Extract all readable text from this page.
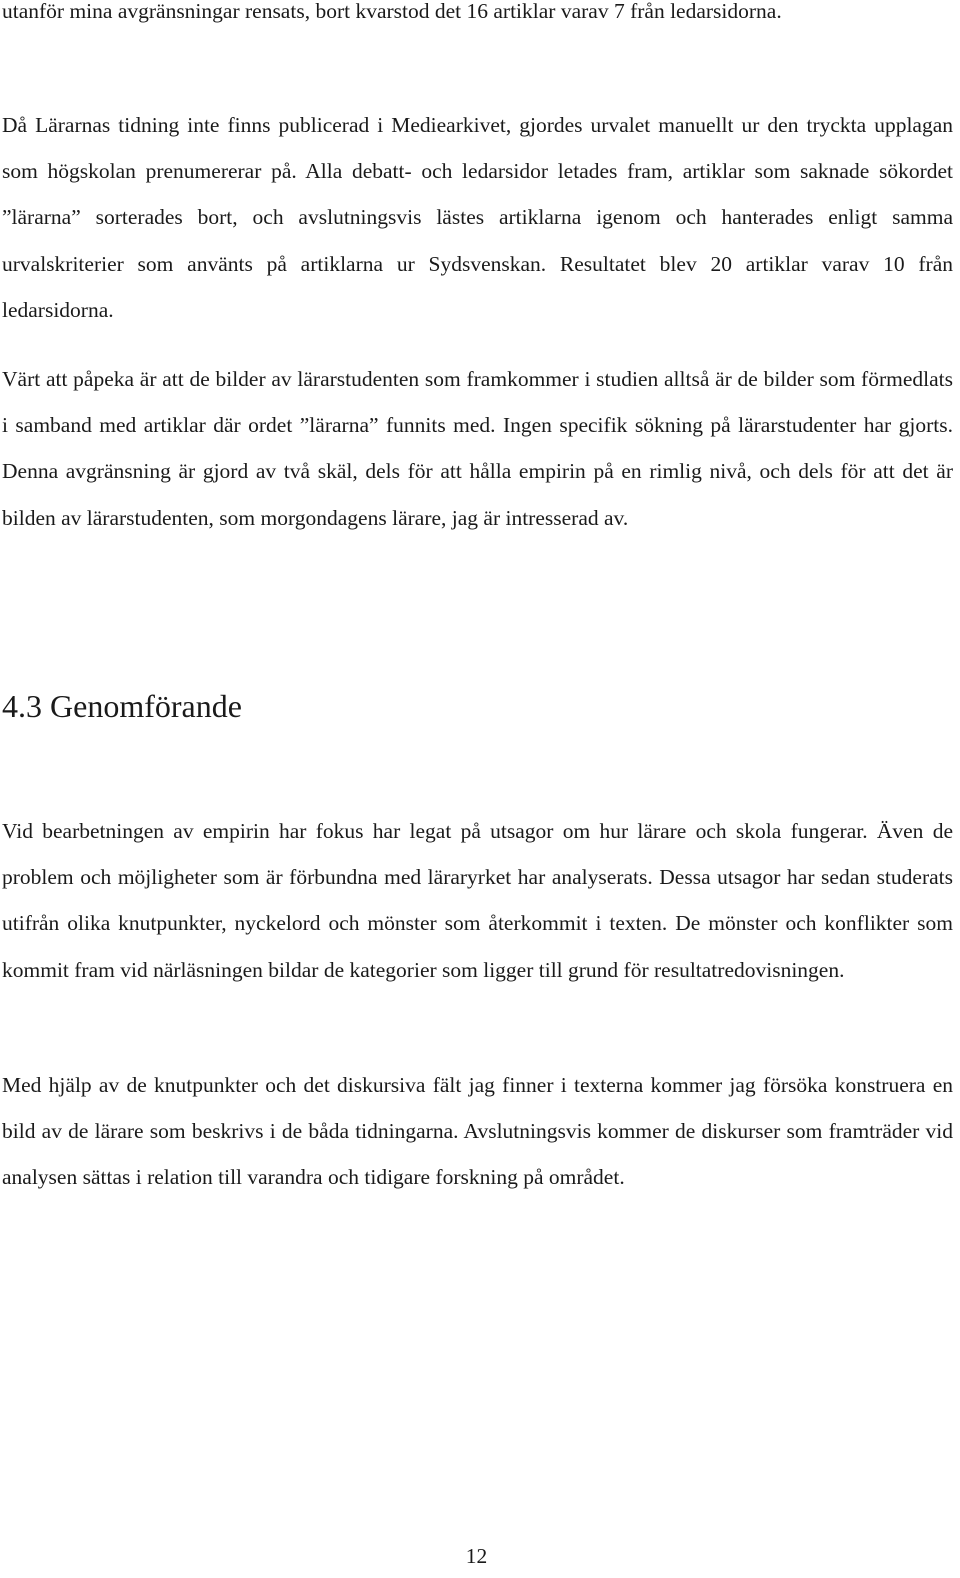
utanför mina avgränsningar rensats, bort kvarstod det 16 artiklar varav 7 från ledarsidorna.

Då Lärarnas tidning inte finns publicerad i Mediearkivet, gjordes urvalet manuellt ur den tryckta upplagan som högskolan prenumererar på. Alla debatt- och ledarsidor letades fram, artiklar som saknade sökordet ”lärarna” sorterades bort, och avslutningsvis lästes artiklarna igenom och hanterades enligt samma urvalskriterier som använts på artiklarna ur Sydsvenskan. Resultatet blev 20 artiklar varav 10 från ledarsidorna.

Värt att påpeka är att de bilder av lärarstudenten som framkommer i studien alltså är de bilder som förmedlats i samband med artiklar där ordet ”lärarna” funnits med. Ingen specifik sökning på lärarstudenter har gjorts. Denna avgränsning är gjord av två skäl, dels för att hålla empirin på en rimlig nivå, och dels för att det är bilden av lärarstudenten, som morgondagens lärare, jag är intresserad av.

4.3 Genomförande

Vid bearbetningen av empirin har fokus har legat på utsagor om hur lärare och skola fungerar. Även de problem och möjligheter som är förbundna med läraryrket har analyserats. Dessa utsagor har sedan studerats utifrån olika knutpunkter, nyckelord och mönster som återkommit i texten. De mönster och konflikter som kommit fram vid närläsningen bildar de kategorier som ligger till grund för resultatredovisningen.

Med hjälp av de knutpunkter och det diskursiva fält jag finner i texterna kommer jag försöka konstruera en bild av de lärare som beskrivs i de båda tidningarna. Avslutningsvis kommer de diskurser som framträder vid analysen sättas i relation till varandra och tidigare forskning på området.

12
